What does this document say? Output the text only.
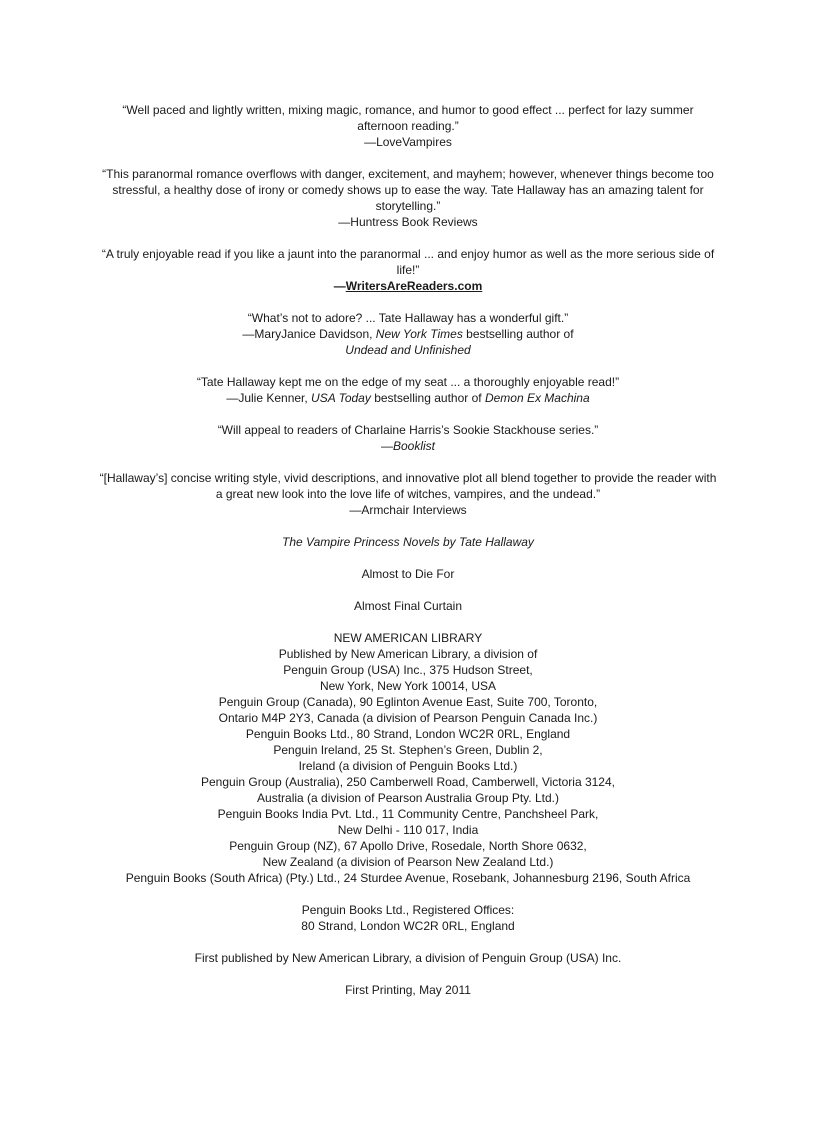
“Well paced and lightly written, mixing magic, romance, and humor to good effect ... perfect for lazy summer afternoon reading.”
—LoveVampires
“This paranormal romance overflows with danger, excitement, and mayhem; however, whenever things become too stressful, a healthy dose of irony or comedy shows up to ease the way. Tate Hallaway has an amazing talent for storytelling.”
—Huntress Book Reviews
“A truly enjoyable read if you like a jaunt into the paranormal ... and enjoy humor as well as the more serious side of life!”
—WritersAreReaders.com
“What’s not to adore? ... Tate Hallaway has a wonderful gift.”
—MaryJanice Davidson, New York Times bestselling author of
Undead and Unfinished
“Tate Hallaway kept me on the edge of my seat ... a thoroughly enjoyable read!”
—Julie Kenner, USA Today bestselling author of Demon Ex Machina
“Will appeal to readers of Charlaine Harris’s Sookie Stackhouse series.”
—Booklist
“[Hallaway’s] concise writing style, vivid descriptions, and innovative plot all blend together to provide the reader with a great new look into the love life of witches, vampires, and the undead.”
—Armchair Interviews
The Vampire Princess Novels by Tate Hallaway
Almost to Die For
Almost Final Curtain

NEW AMERICAN LIBRARY

Published by New American Library, a division of

Penguin Group (USA) Inc., 375 Hudson Street,

New York, New York 10014, USA

Penguin Group (Canada), 90 Eglinton Avenue East, Suite 700, Toronto,

Ontario M4P 2Y3, Canada (a division of Pearson Penguin Canada Inc.)

Penguin Books Ltd., 80 Strand, London WC2R 0RL, England

Penguin Ireland, 25 St. Stephen’s Green, Dublin 2,

Ireland (a division of Penguin Books Ltd.)

Penguin Group (Australia), 250 Camberwell Road, Camberwell, Victoria 3124,

Australia (a division of Pearson Australia Group Pty. Ltd.)

Penguin Books India Pvt. Ltd., 11 Community Centre, Panchsheel Park,

New Delhi - 110 017, India

Penguin Group (NZ), 67 Apollo Drive, Rosedale, North Shore 0632,

New Zealand (a division of Pearson New Zealand Ltd.)

Penguin Books (South Africa) (Pty.) Ltd., 24 Sturdee Avenue, Rosebank, Johannesburg 2196, South Africa

Penguin Books Ltd., Registered Offices:

80 Strand, London WC2R 0RL, England

First published by New American Library, a division of Penguin Group (USA) Inc.

First Printing, May 2011
